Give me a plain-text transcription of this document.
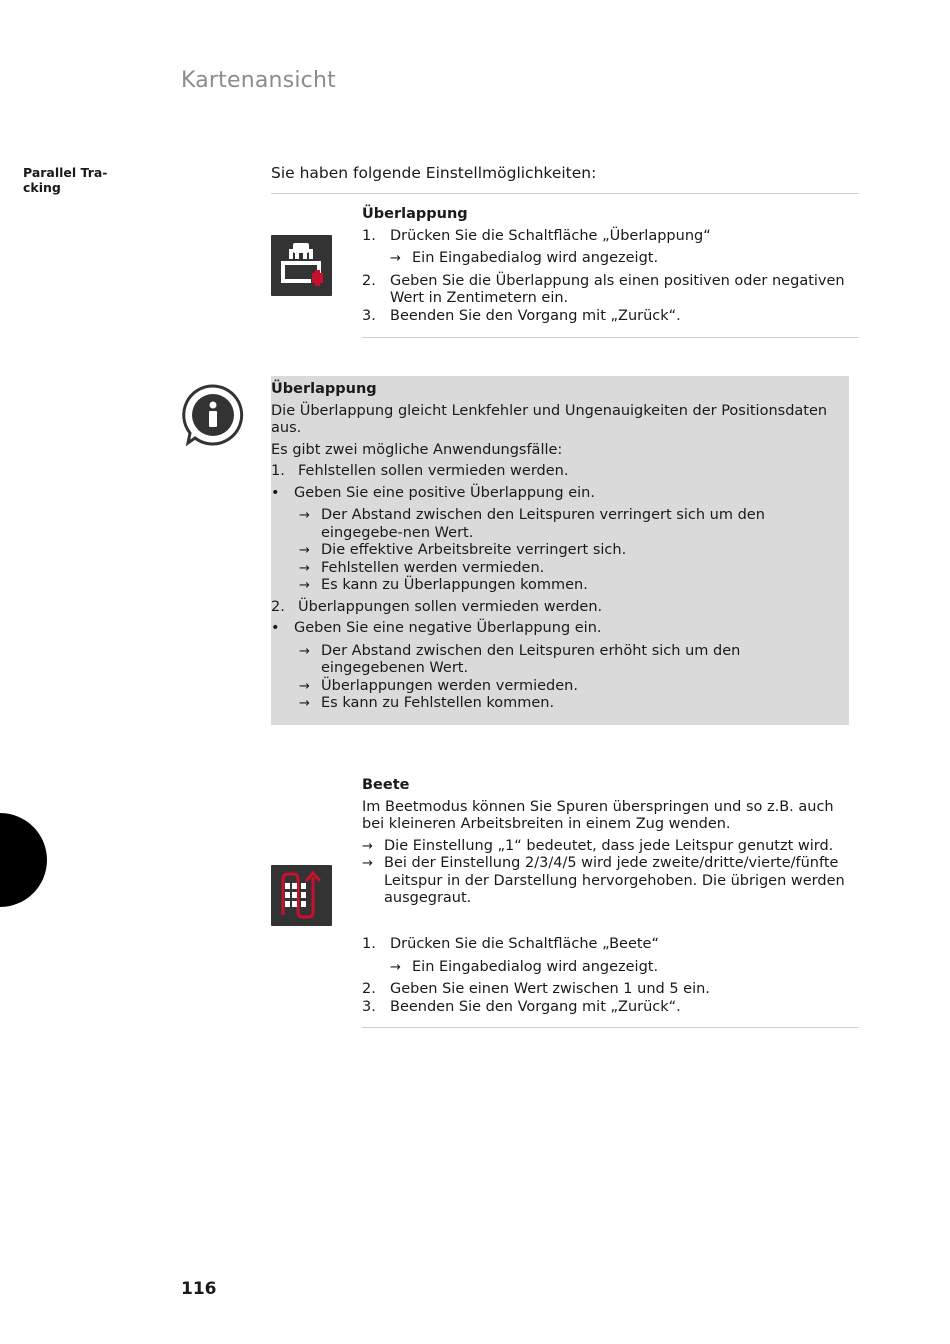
Kartenansicht
Parallel Tra-
cking
Sie haben folgende Einstellmöglichkeiten:
Überlappung
1. Drücken Sie die Schaltfläche „Überlappung“
→ Ein Eingabedialog wird angezeigt.
2. Geben Sie die Überlappung als einen positiven oder negativen Wert in Zentimetern ein.
3. Beenden Sie den Vorgang mit „Zurück“.
Überlappung
Die Überlappung gleicht Lenkfehler und Ungenauigkeiten der Positionsdaten aus.
Es gibt zwei mögliche Anwendungsfälle:
1. Fehlstellen sollen vermieden werden.
• Geben Sie eine positive Überlappung ein.
→ Der Abstand zwischen den Leitspuren verringert sich um den eingegebe-nen Wert.
→ Die effektive Arbeitsbreite verringert sich.
→ Fehlstellen werden vermieden.
→ Es kann zu Überlappungen kommen.
2. Überlappungen sollen vermieden werden.
• Geben Sie eine negative Überlappung ein.
→ Der Abstand zwischen den Leitspuren erhöht sich um den eingegebenen Wert.
→ Überlappungen werden vermieden.
→ Es kann zu Fehlstellen kommen.
Beete
Im Beetmodus können Sie Spuren überspringen und so z.B. auch bei kleineren Arbeitsbreiten in einem Zug wenden.
→ Die Einstellung „1“ bedeutet, dass jede Leitspur genutzt wird.
→ Bei der Einstellung 2/3/4/5 wird jede zweite/dritte/vierte/fünfte Leitspur in der Darstellung hervorgehoben. Die übrigen werden ausgegraut.
1. Drücken Sie die Schaltfläche „Beete“
→ Ein Eingabedialog wird angezeigt.
2. Geben Sie einen Wert zwischen 1 und 5 ein.
3. Beenden Sie den Vorgang mit „Zurück“.
116
